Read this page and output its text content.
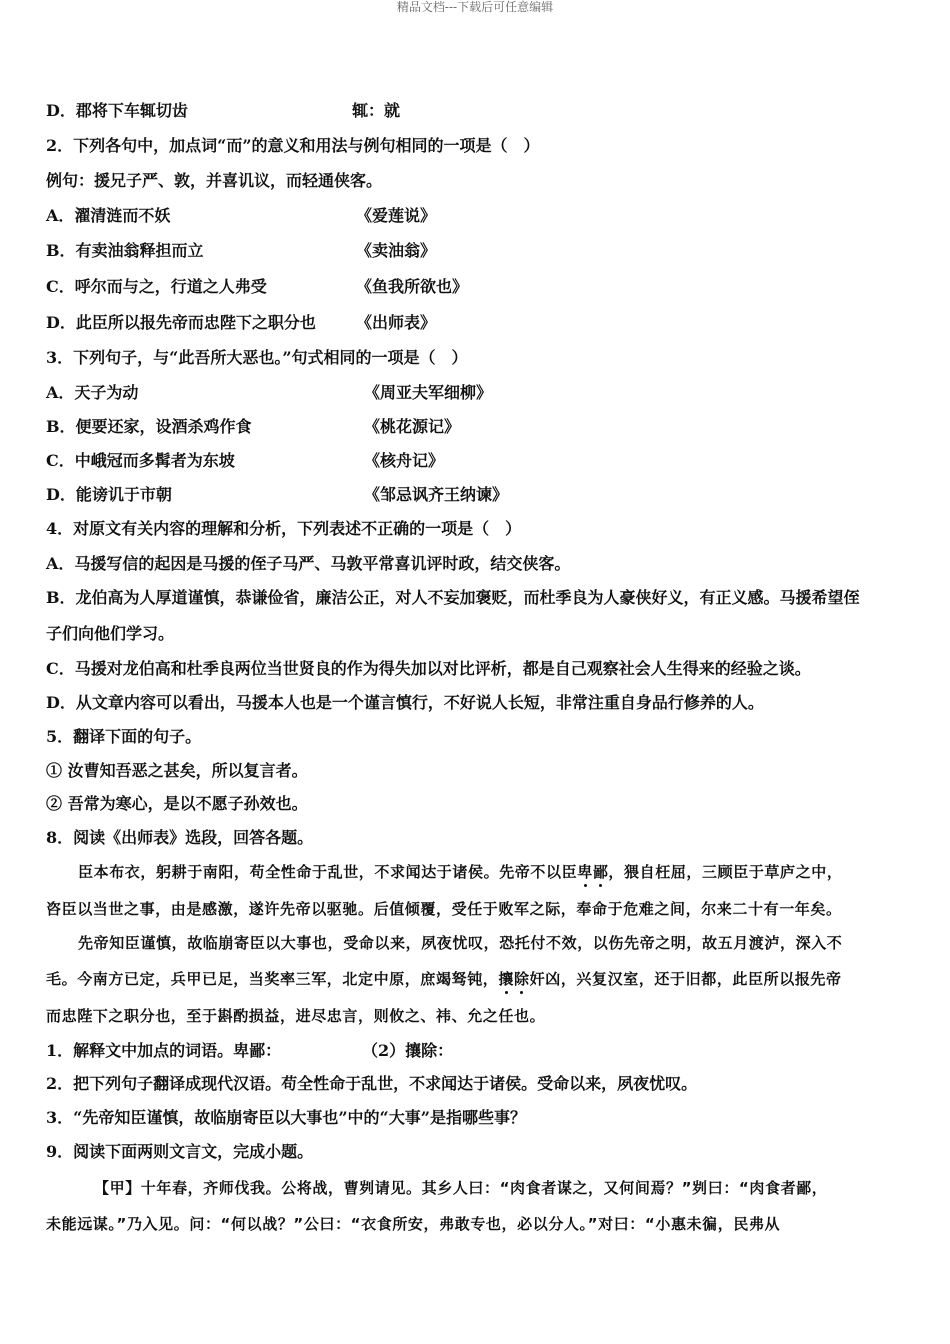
精品文档---下载后可任意编辑
D．郡将下车辄切齿	辄：就
2．下列各句中，加点词“而”的意义和用法与例句相同的一项是（　）
例句：援兄子严、敦，并喜讥议，而轻通侠客。
A．濯清涟而不妖	《爱莲说》
B．有卖油翁释担而立	《卖油翁》
C．呼尔而与之，行道之人弗受	《鱼我所欲也》
D．此臣所以报先帝而忠陛下之职分也	《出师表》
3．下列句子，与“此吾所大恶也。”句式相同的一项是（　）
A．天子为动	《周亚夫军细柳》
B．便要还家，设酒杀鸡作食	《桃花源记》
C．中峨冠而多髯者为东坡	《核舟记》
D．能谤讥于市朝	《邹忌讽齐王纳谏》
4．对原文有关内容的理解和分析，下列表述不正确的一项是（　）
A．马援写信的起因是马援的侄子马严、马敦平常喜讥评时政，结交侠客。
B．龙伯高为人厚道谨慎，恭谦俭省，廉洁公正，对人不妄加褒贬，而杜季良为人豪侠好义，有正义感。马援希望侄
子们向他们学习。
C．马援对龙伯高和杜季良两位当世贤良的作为得失加以对比评析，都是自己观察社会人生得来的经验之谈。
D．从文章内容可以看出，马援本人也是一个谨言慎行，不好说人长短，非常注重自身品行修养的人。
5．翻译下面的句子。
① 汝曹知吾恶之甚矣，所以复言者。
② 吾常为寒心，是以不愿子孙效也。
8．阅读《出师表》选段，回答各题。
臣本布衣，躬耕于南阳，苟全性命于乱世，不求闻达于诸侯。先帝不以臣卑鄙，猥自枉屈，三顾臣于草庐之中，
咨臣以当世之事，由是感激，遂许先帝以驱驰。后值倾覆，受任于败军之际，奉命于危难之间，尔来二十有一年矣。
先帝知臣谨慎，故临崩寄臣以大事也，受命以来，夙夜忧叹，恐托付不效，以伤先帝之明，故五月渡泸，深入不
毛。今南方已定，兵甲已足，当奖率三军，北定中原，庶竭驽钝，攘除奸凶，兴复汉室，还于旧都，此臣所以报先帝
而忠陛下之职分也，至于斟酌损益，进尽忠言，则攸之、祎、允之任也。
1．解释文中加点的词语。卑鄙：	（2）攘除：
2．把下列句子翻译成现代汉语。苟全性命于乱世，不求闻达于诸侯。受命以来，夙夜忧叹。
3．“先帝知臣谨慎，故临崩寄臣以大事也”中的“大事”是指哪些事？
9．阅读下面两则文言文，完成小题。
【甲】十年春，齐师伐我。公将战，曹刿请见。其乡人曰：“肉食者谋之，又何间焉？”刿曰：“肉食者鄙，
未能远谋。”乃入见。问：“何以战？”公曰：“衣食所安，弗敢专也，必以分人。”对曰：“小惠未徧，民弗从
